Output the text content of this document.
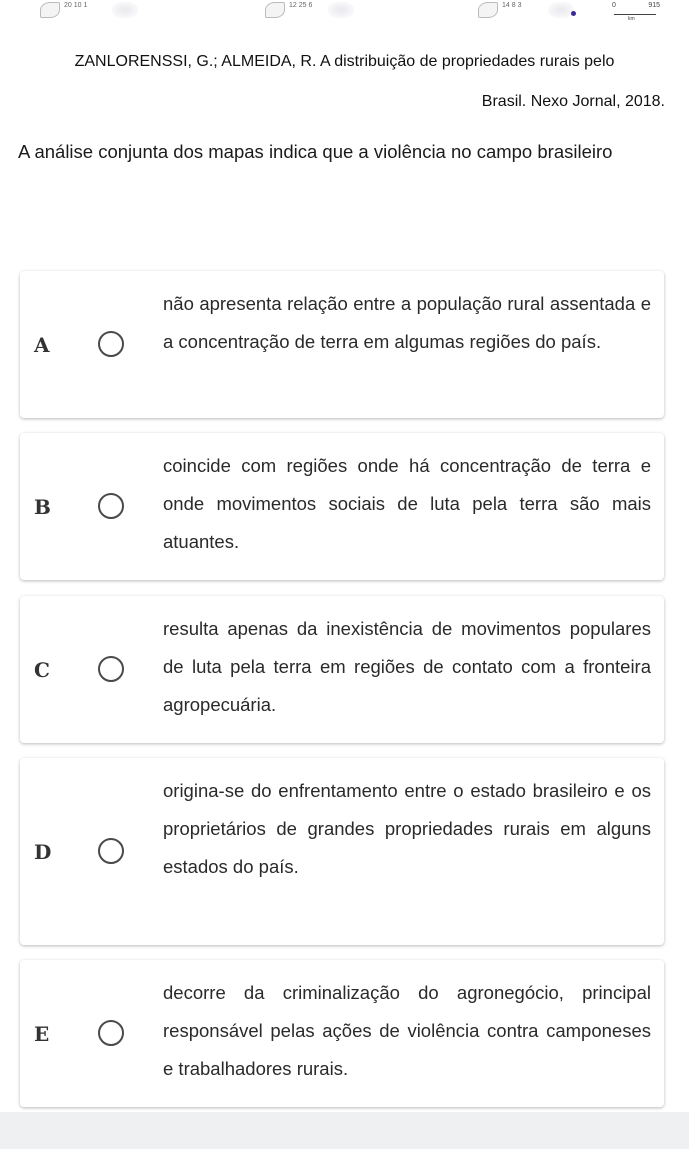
20 10 1	12 25 6	14 8 3	0	915
km
ZANLORENSSI, G.; ALMEIDA, R. A distribuição de propriedades rurais pelo
Brasil. Nexo Jornal, 2018.
A análise conjunta dos mapas indica que a violência no campo brasileiro
A
não apresenta relação entre a população rural assentada e a concentração de terra em algumas regiões do país.
B
coincide com regiões onde há concentração de terra e onde movimentos sociais de luta pela terra são mais atuantes.
C
resulta apenas da inexistência de movimentos populares de luta pela terra em regiões de contato com a fronteira agropecuária.
D
origina-se do enfrentamento entre o estado brasileiro e os proprietários de grandes propriedades rurais em alguns estados do país.
E
decorre da criminalização do agronegócio, principal responsável pelas ações de violência contra camponeses e trabalhadores rurais.
